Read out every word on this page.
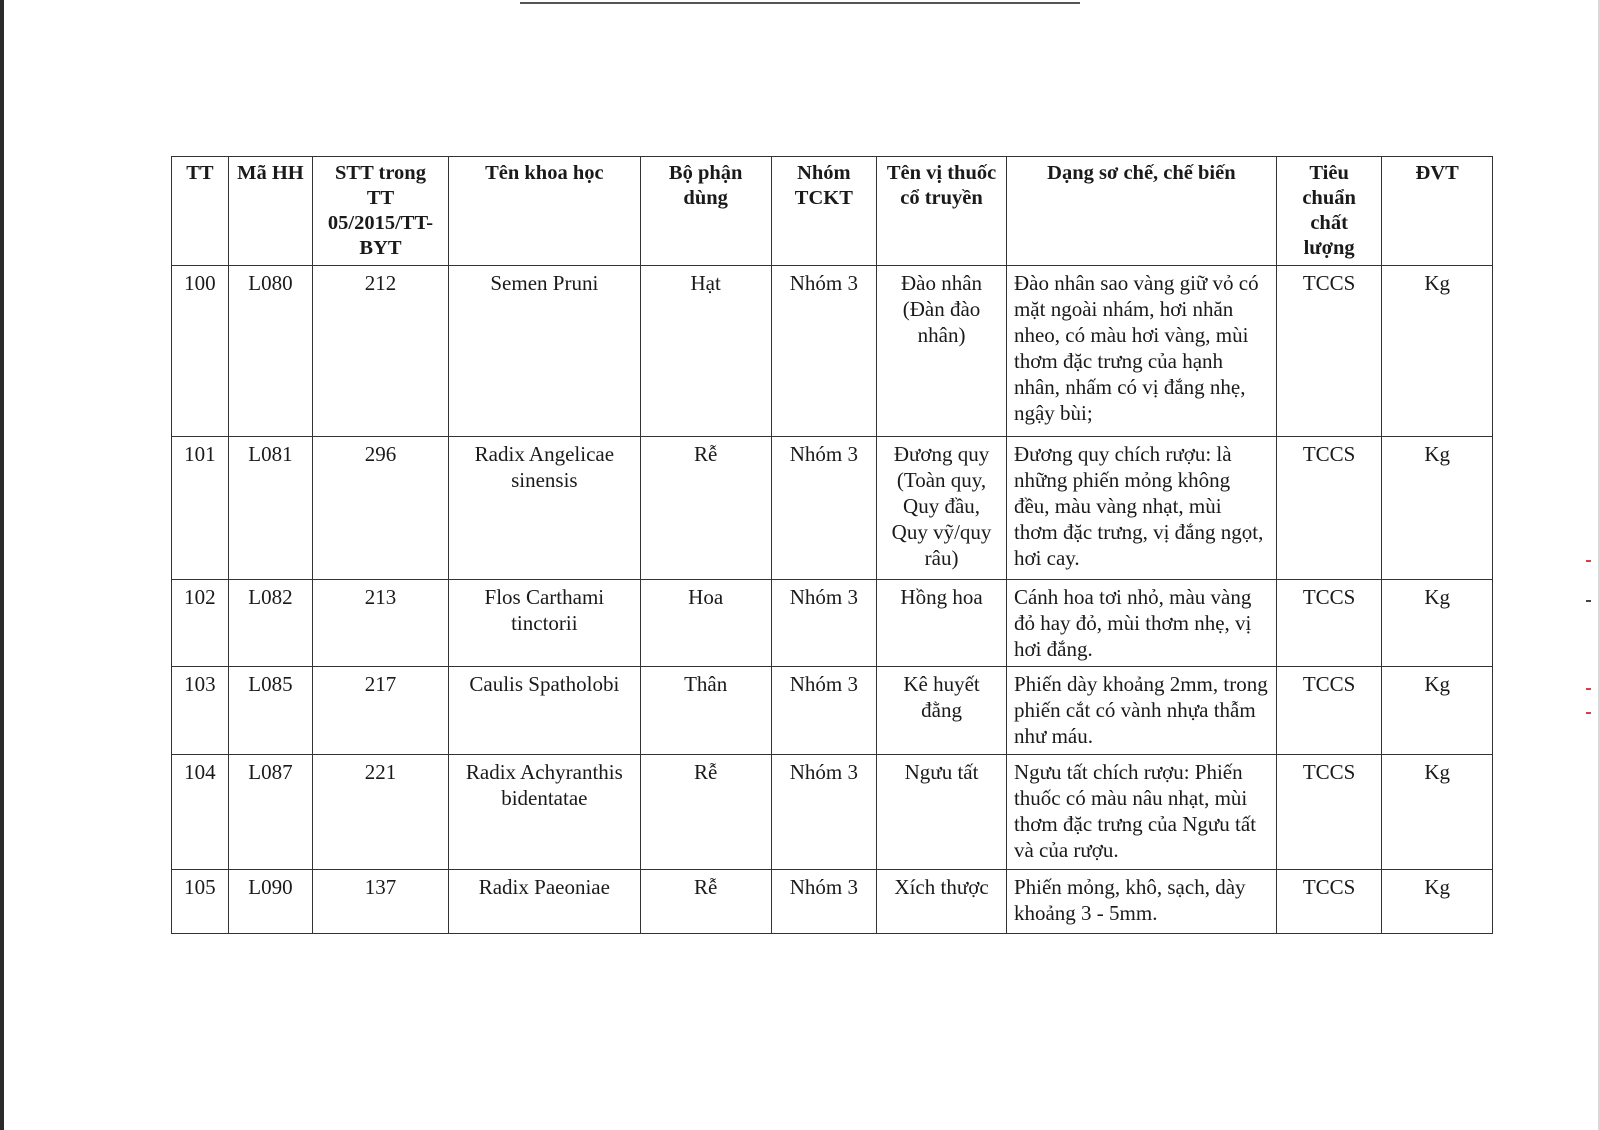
TT	Mã HH	STT trong TT 05/2015/TT-BYT	Tên khoa học	Bộ phận dùng	Nhóm TCKT	Tên vị thuốc cổ truyền	Dạng sơ chế, chế biến	Tiêu chuẩn chất lượng	ĐVT
100	L080	212	Semen Pruni	Hạt	Nhóm 3	Đào nhân (Đàn đào nhân)	Đào nhân sao vàng giữ vỏ có mặt ngoài nhám, hơi nhăn nheo, có màu hơi vàng, mùi thơm đặc trưng của hạnh nhân, nhấm có vị đắng nhẹ, ngậy bùi;	TCCS	Kg
101	L081	296	Radix Angelicae sinensis	Rễ	Nhóm 3	Đương quy (Toàn quy, Quy đầu, Quy vỹ/quy râu)	Đương quy chích rượu: là những phiến mỏng không đều, màu vàng nhạt, mùi thơm đặc trưng, vị đắng ngọt, hơi cay.	TCCS	Kg
102	L082	213	Flos Carthami tinctorii	Hoa	Nhóm 3	Hồng hoa	Cánh hoa tơi nhỏ, màu vàng đỏ hay đỏ, mùi thơm nhẹ, vị hơi đắng.	TCCS	Kg
103	L085	217	Caulis Spatholobi	Thân	Nhóm 3	Kê huyết đằng	Phiến dày khoảng 2mm, trong phiến cắt có vành nhựa thẫm như máu.	TCCS	Kg
104	L087	221	Radix Achyranthis bidentatae	Rễ	Nhóm 3	Ngưu tất	Ngưu tất chích rượu: Phiến thuốc có màu nâu nhạt, mùi thơm đặc trưng của Ngưu tất và của rượu.	TCCS	Kg
105	L090	137	Radix Paeoniae	Rễ	Nhóm 3	Xích thược	Phiến mỏng, khô, sạch, dày khoảng 3 - 5mm.	TCCS	Kg
